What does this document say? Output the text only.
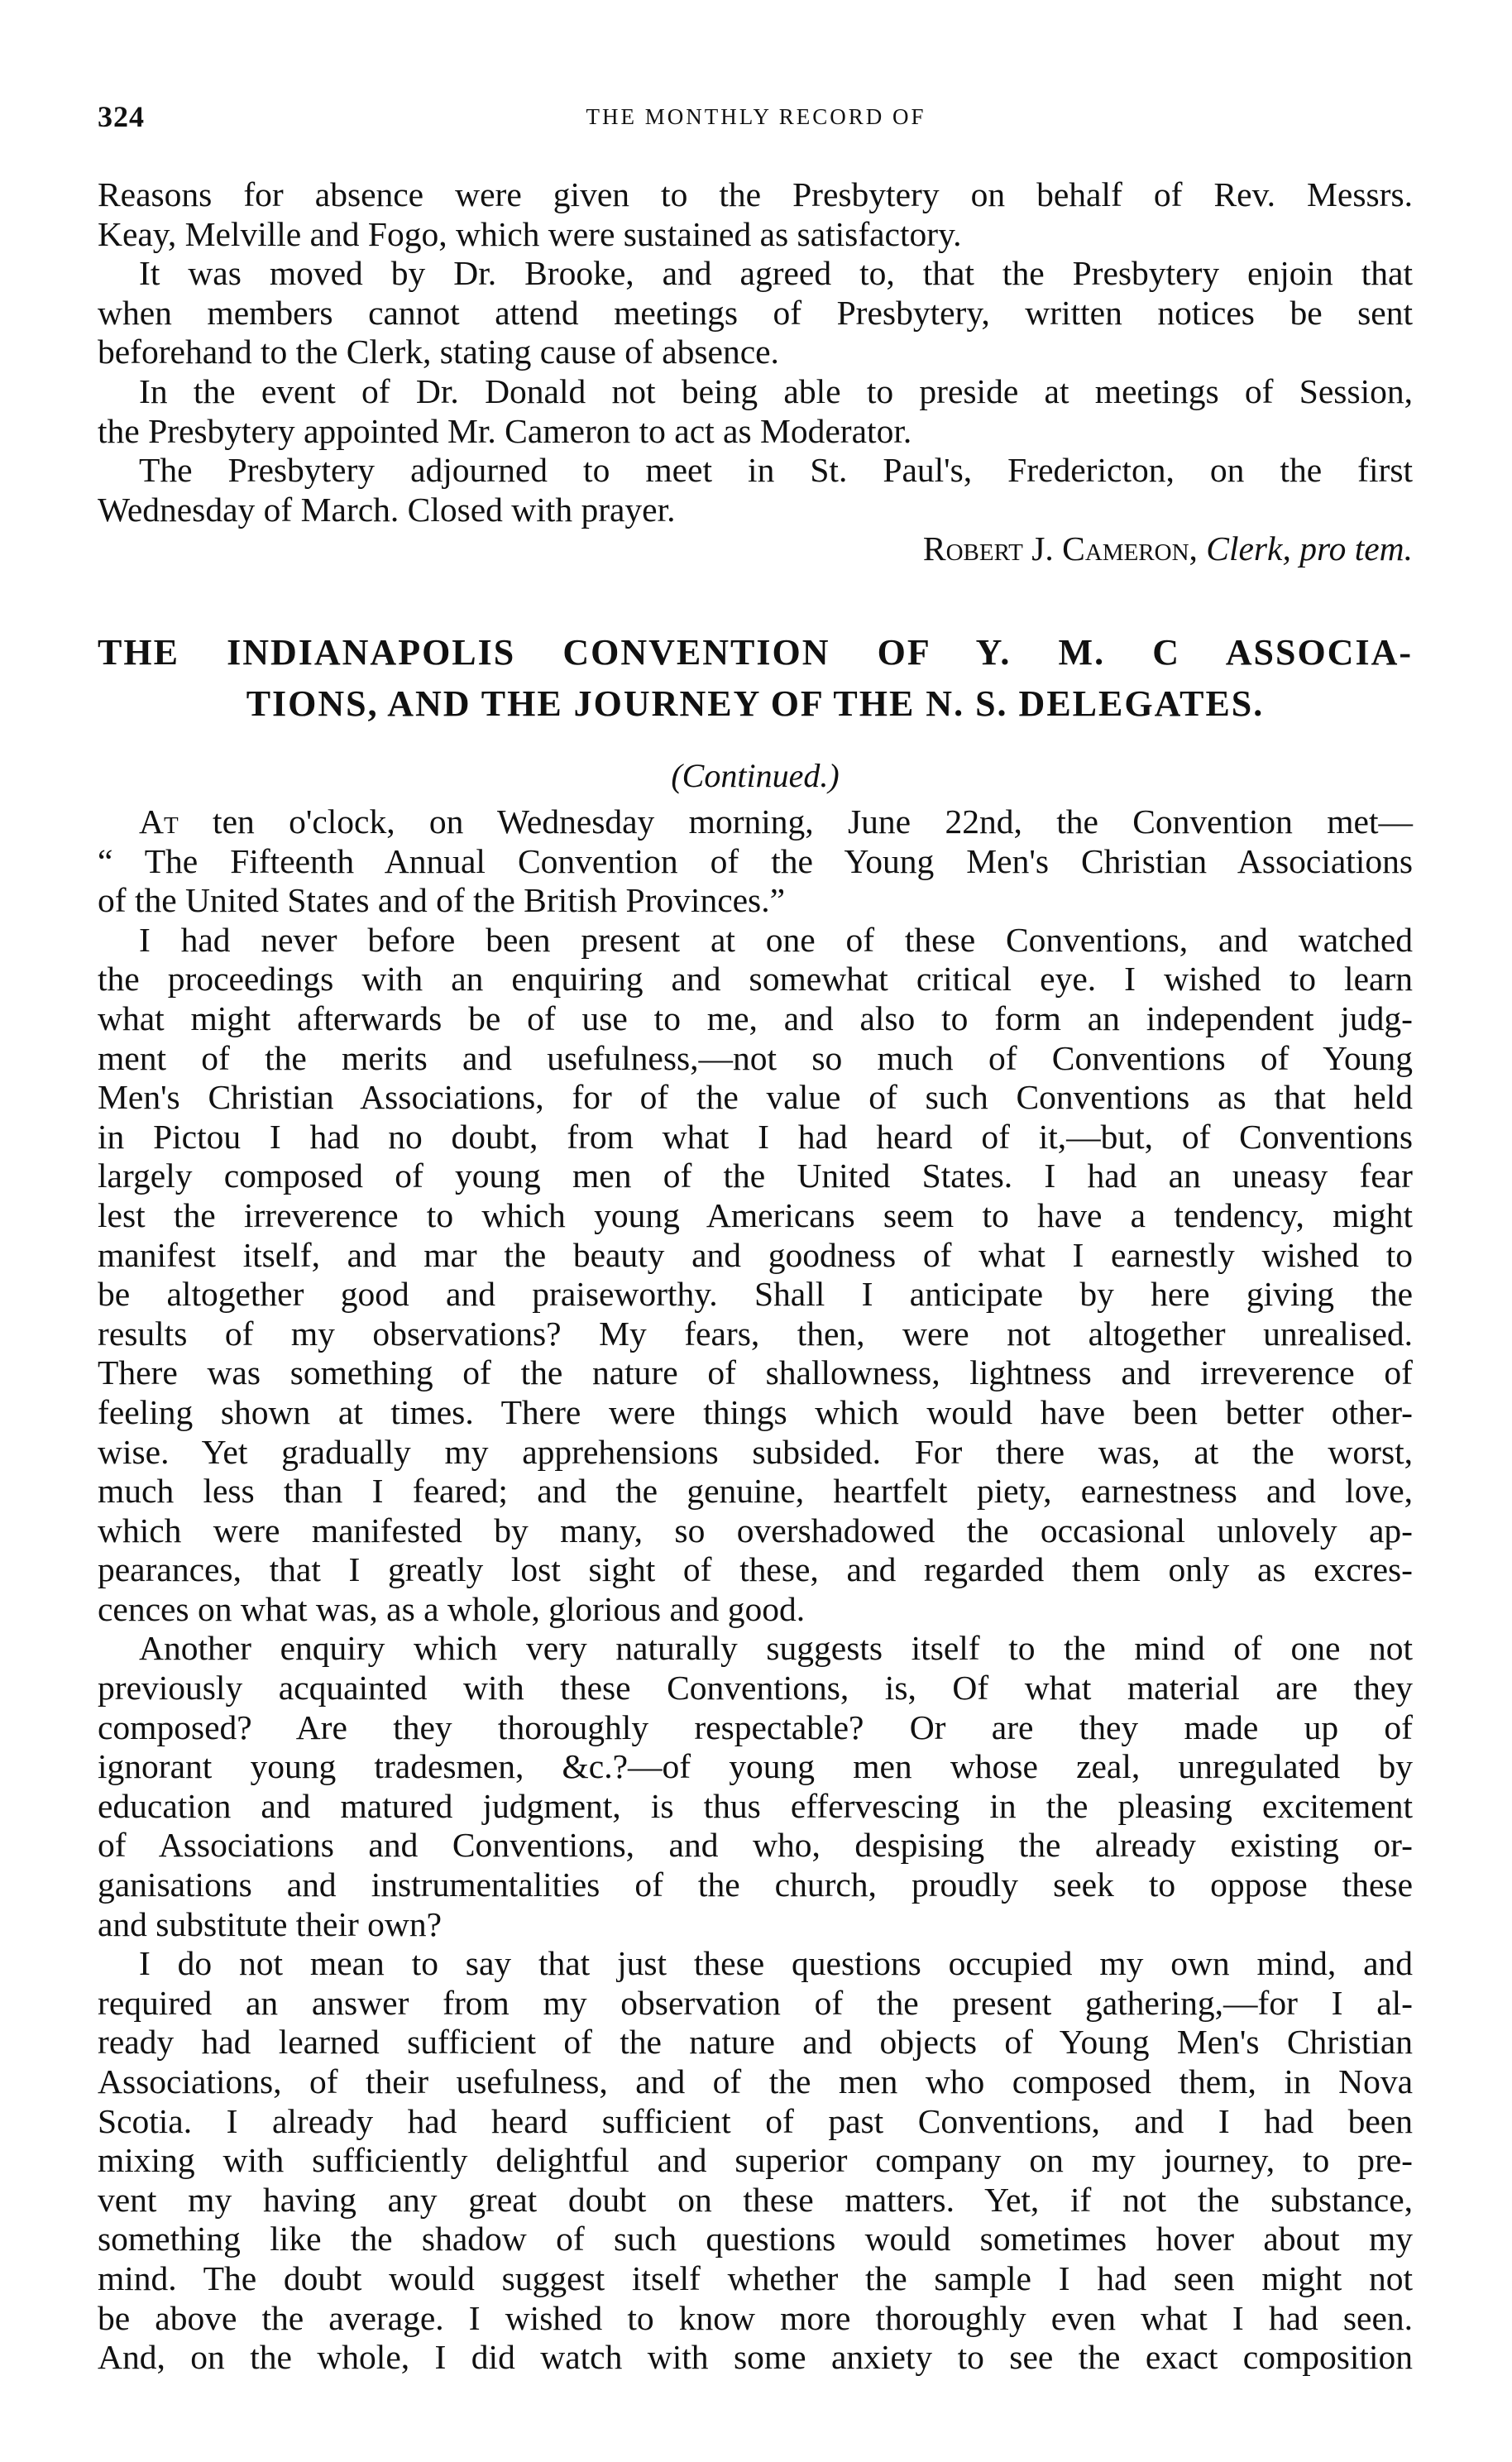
324	THE MONTHLY RECORD OF
Reasons for absence were given to the Presbytery on behalf of Rev. Messrs.
Keay, Melville and Fogo, which were sustained as satisfactory.
It was moved by Dr. Brooke, and agreed to, that the Presbytery enjoin that
when members cannot attend meetings of Presbytery, written notices be sent
beforehand to the Clerk, stating cause of absence.
In the event of Dr. Donald not being able to preside at meetings of Session,
the Presbytery appointed Mr. Cameron to act as Moderator.
The Presbytery adjourned to meet in St. Paul's, Fredericton, on the first
Wednesday of March. Closed with prayer.
Robert J. Cameron, Clerk, pro tem.
THE INDIANAPOLIS CONVENTION OF Y. M. C ASSOCIA-
TIONS, AND THE JOURNEY OF THE N. S. DELEGATES.
(Continued.)
At ten o'clock, on Wednesday morning, June 22nd, the Convention met—
“ The Fifteenth Annual Convention of the Young Men's Christian Associations
of the United States and of the British Provinces.”
I had never before been present at one of these Conventions, and watched
the proceedings with an enquiring and somewhat critical eye. I wished to learn
what might afterwards be of use to me, and also to form an independent judg-
ment of the merits and usefulness,—not so much of Conventions of Young
Men's Christian Associations, for of the value of such Conventions as that held
in Pictou I had no doubt, from what I had heard of it,—but, of Conventions
largely composed of young men of the United States. I had an uneasy fear
lest the irreverence to which young Americans seem to have a tendency, might
manifest itself, and mar the beauty and goodness of what I earnestly wished to
be altogether good and praiseworthy. Shall I anticipate by here giving the
results of my observations? My fears, then, were not altogether unrealised.
There was something of the nature of shallowness, lightness and irreverence of
feeling shown at times. There were things which would have been better other-
wise. Yet gradually my apprehensions subsided. For there was, at the worst,
much less than I feared; and the genuine, heartfelt piety, earnestness and love,
which were manifested by many, so overshadowed the occasional unlovely ap-
pearances, that I greatly lost sight of these, and regarded them only as excres-
cences on what was, as a whole, glorious and good.
Another enquiry which very naturally suggests itself to the mind of one not
previously acquainted with these Conventions, is, Of what material are they
composed? Are they thoroughly respectable? Or are they made up of
ignorant young tradesmen, &c.?—of young men whose zeal, unregulated by
education and matured judgment, is thus effervescing in the pleasing excitement
of Associations and Conventions, and who, despising the already existing or-
ganisations and instrumentalities of the church, proudly seek to oppose these
and substitute their own?
I do not mean to say that just these questions occupied my own mind, and
required an answer from my observation of the present gathering,—for I al-
ready had learned sufficient of the nature and objects of Young Men's Christian
Associations, of their usefulness, and of the men who composed them, in Nova
Scotia. I already had heard sufficient of past Conventions, and I had been
mixing with sufficiently delightful and superior company on my journey, to pre-
vent my having any great doubt on these matters. Yet, if not the substance,
something like the shadow of such questions would sometimes hover about my
mind. The doubt would suggest itself whether the sample I had seen might not
be above the average. I wished to know more thoroughly even what I had seen.
And, on the whole, I did watch with some anxiety to see the exact composition
